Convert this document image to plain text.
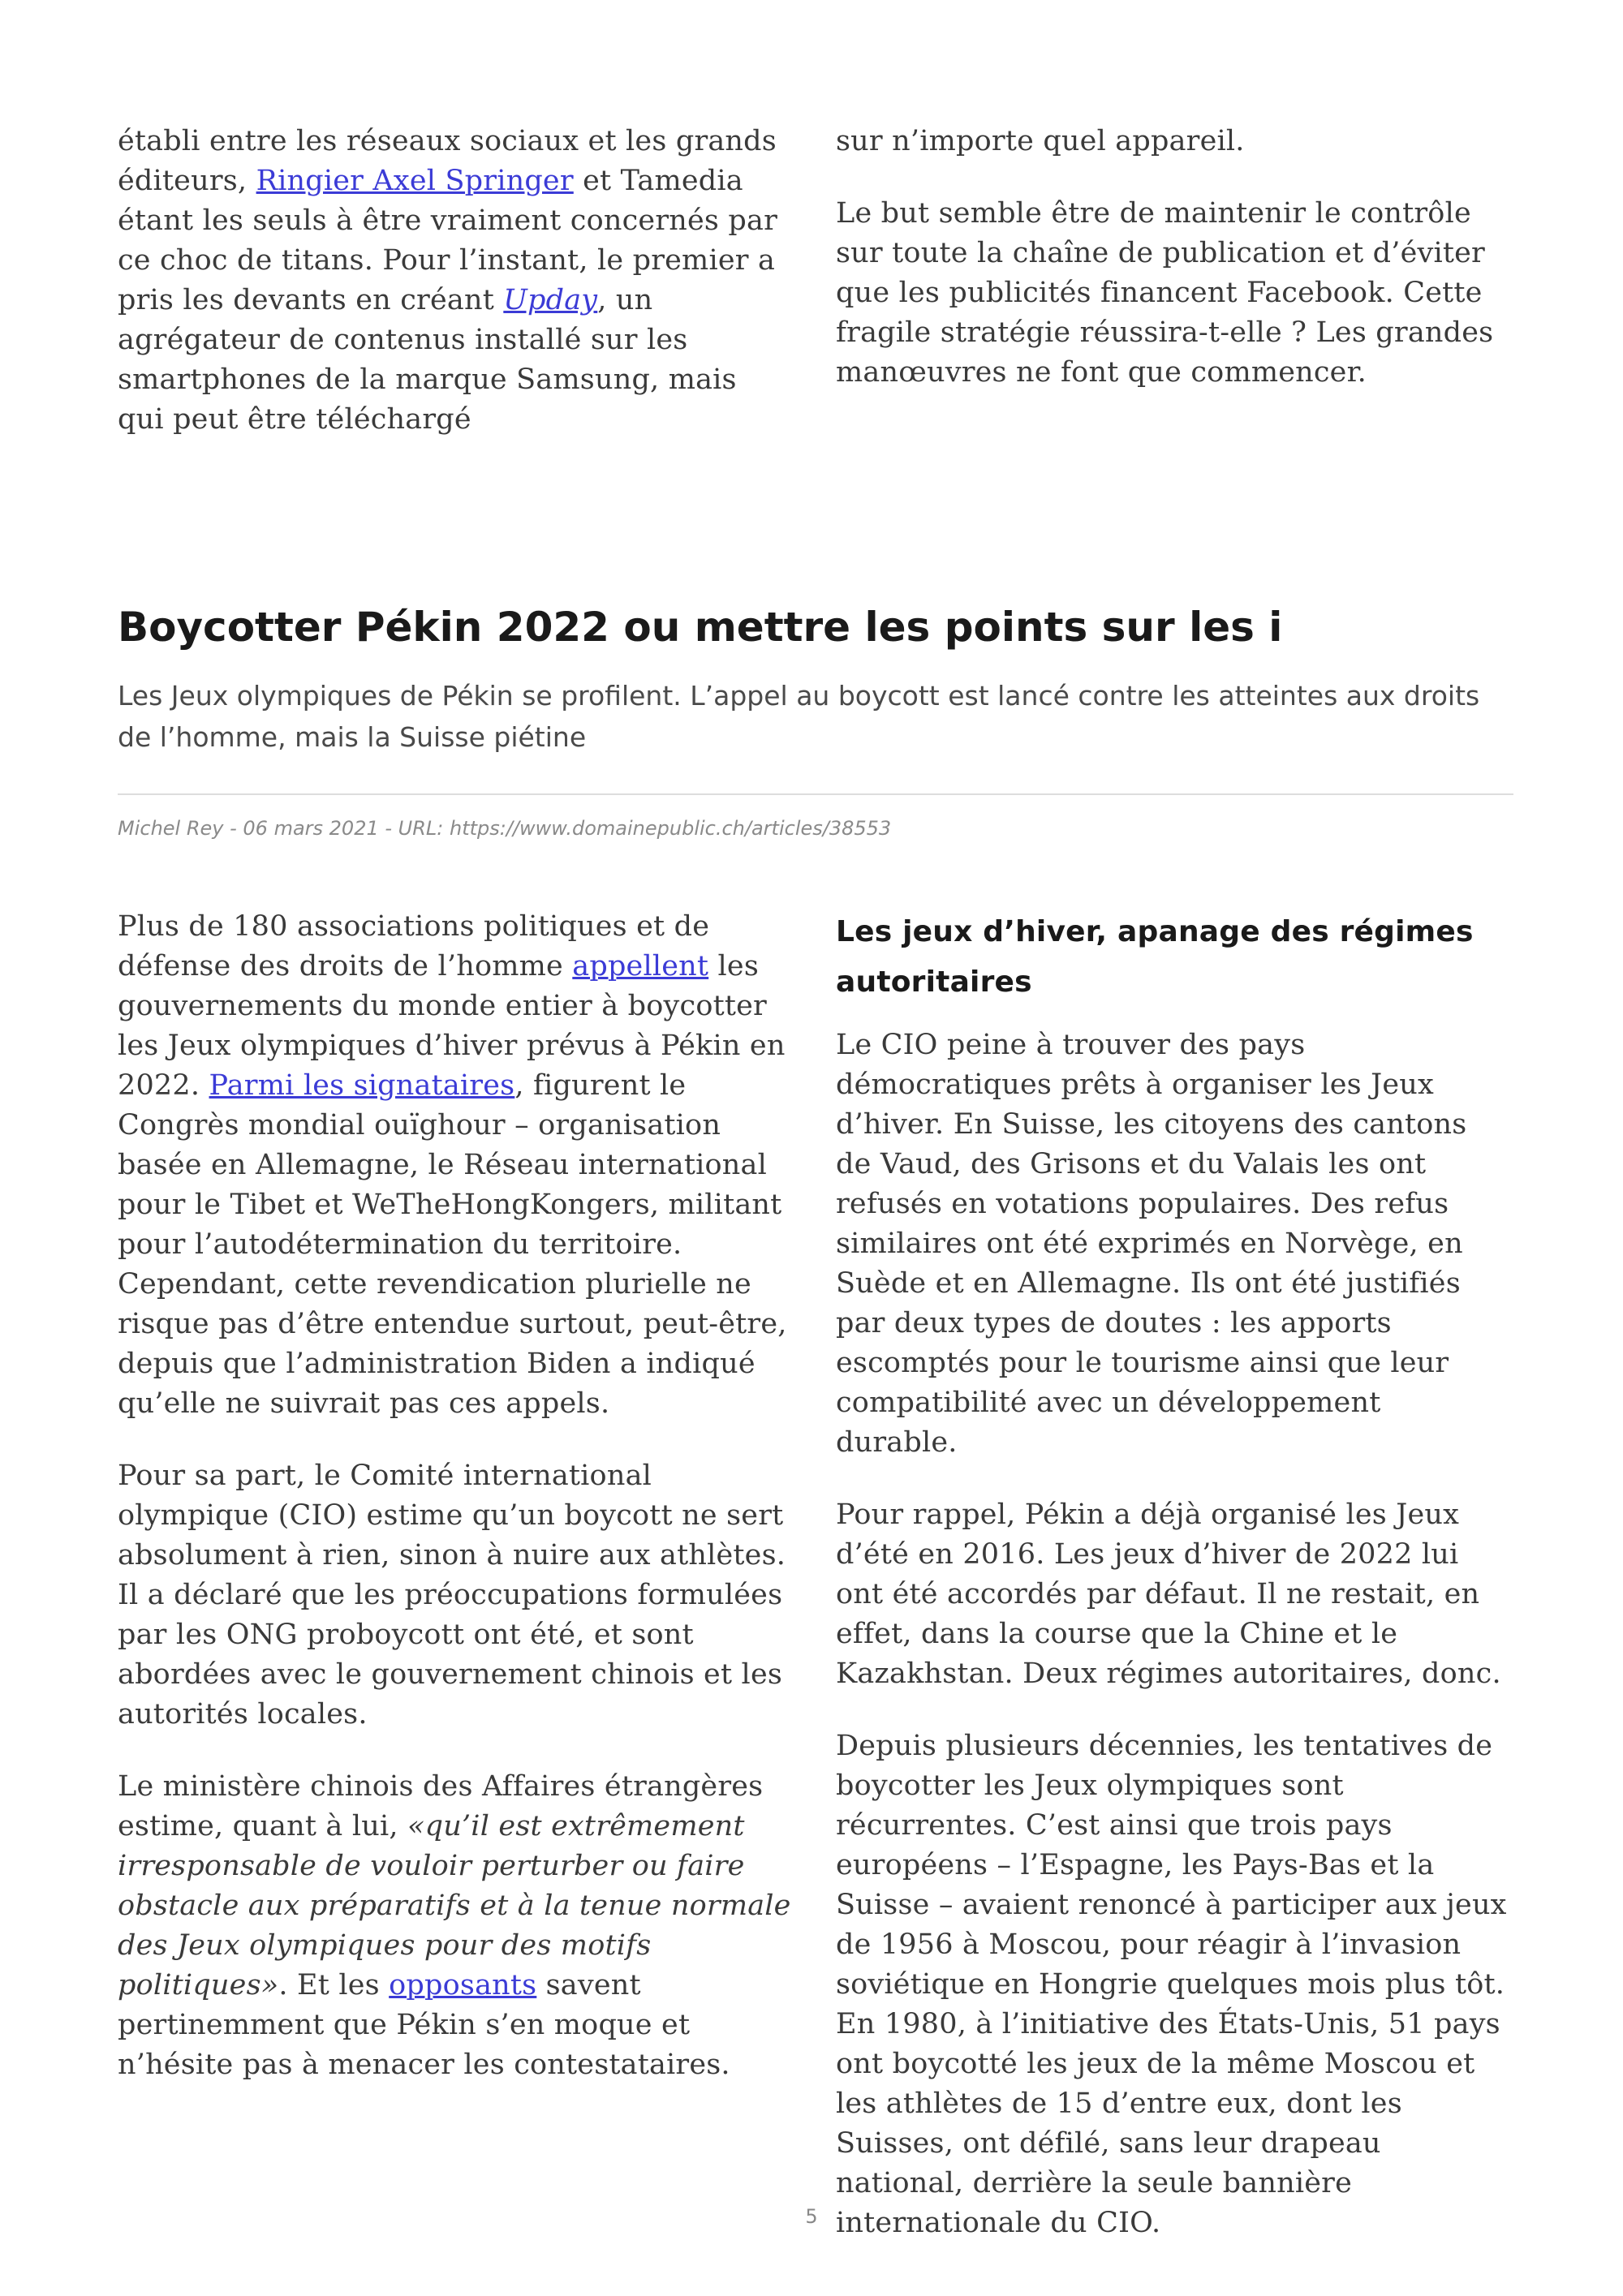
établi entre les réseaux sociaux et les grands éditeurs, Ringier Axel Springer et Tamedia étant les seuls à être vraiment concernés par ce choc de titans. Pour l’instant, le premier a pris les devants en créant Upday, un agrégateur de contenus installé sur les smartphones de la marque Samsung, mais qui peut être téléchargé

sur n’importe quel appareil.

Le but semble être de maintenir le contrôle sur toute la chaîne de publication et d’éviter que les publicités financent Facebook. Cette fragile stratégie réussira-t-elle ? Les grandes manœuvres ne font que commencer.

Boycotter Pékin 2022 ou mettre les points sur les i

Les Jeux olympiques de Pékin se profilent. L’appel au boycott est lancé contre les atteintes aux droits de l’homme, mais la Suisse piétine

Michel Rey - 06 mars 2021 - URL: https://www.domainepublic.ch/articles/38553

Plus de 180 associations politiques et de défense des droits de l’homme appellent les gouvernements du monde entier à boycotter les Jeux olympiques d’hiver prévus à Pékin en 2022. Parmi les signataires, figurent le Congrès mondial ouïghour – organisation basée en Allemagne, le Réseau international pour le Tibet et WeTheHongKongers, militant pour l’autodétermination du territoire. Cependant, cette revendication plurielle ne risque pas d’être entendue surtout, peut-être, depuis que l’administration Biden a indiqué qu’elle ne suivrait pas ces appels.

Pour sa part, le Comité international olympique (CIO) estime qu’un boycott ne sert absolument à rien, sinon à nuire aux athlètes. Il a déclaré que les préoccupations formulées par les ONG proboycott ont été, et sont abordées avec le gouvernement chinois et les autorités locales.

Le ministère chinois des Affaires étrangères estime, quant à lui, «qu’il est extrêmement irresponsable de vouloir perturber ou faire obstacle aux préparatifs et à la tenue normale des Jeux olympiques pour des motifs politiques». Et les opposants savent pertinemment que Pékin s’en moque et n’hésite pas à menacer les contestataires.

Les jeux d’hiver, apanage des régimes autoritaires

Le CIO peine à trouver des pays démocratiques prêts à organiser les Jeux d’hiver. En Suisse, les citoyens des cantons de Vaud, des Grisons et du Valais les ont refusés en votations populaires. Des refus similaires ont été exprimés en Norvège, en Suède et en Allemagne. Ils ont été justifiés par deux types de doutes : les apports escomptés pour le tourisme ainsi que leur compatibilité avec un développement durable.

Pour rappel, Pékin a déjà organisé les Jeux d’été en 2016. Les jeux d’hiver de 2022 lui ont été accordés par défaut. Il ne restait, en effet, dans la course que la Chine et le Kazakhstan. Deux régimes autoritaires, donc.

Depuis plusieurs décennies, les tentatives de boycotter les Jeux olympiques sont récurrentes. C’est ainsi que trois pays européens – l’Espagne, les Pays-Bas et la Suisse – avaient renoncé à participer aux jeux de 1956 à Moscou, pour réagir à l’invasion soviétique en Hongrie quelques mois plus tôt. En 1980, à l’initiative des États-Unis, 51 pays ont boycotté les jeux de la même Moscou et les athlètes de 15 d’entre eux, dont les Suisses, ont défilé, sans leur drapeau national, derrière la seule bannière internationale du CIO.

5
